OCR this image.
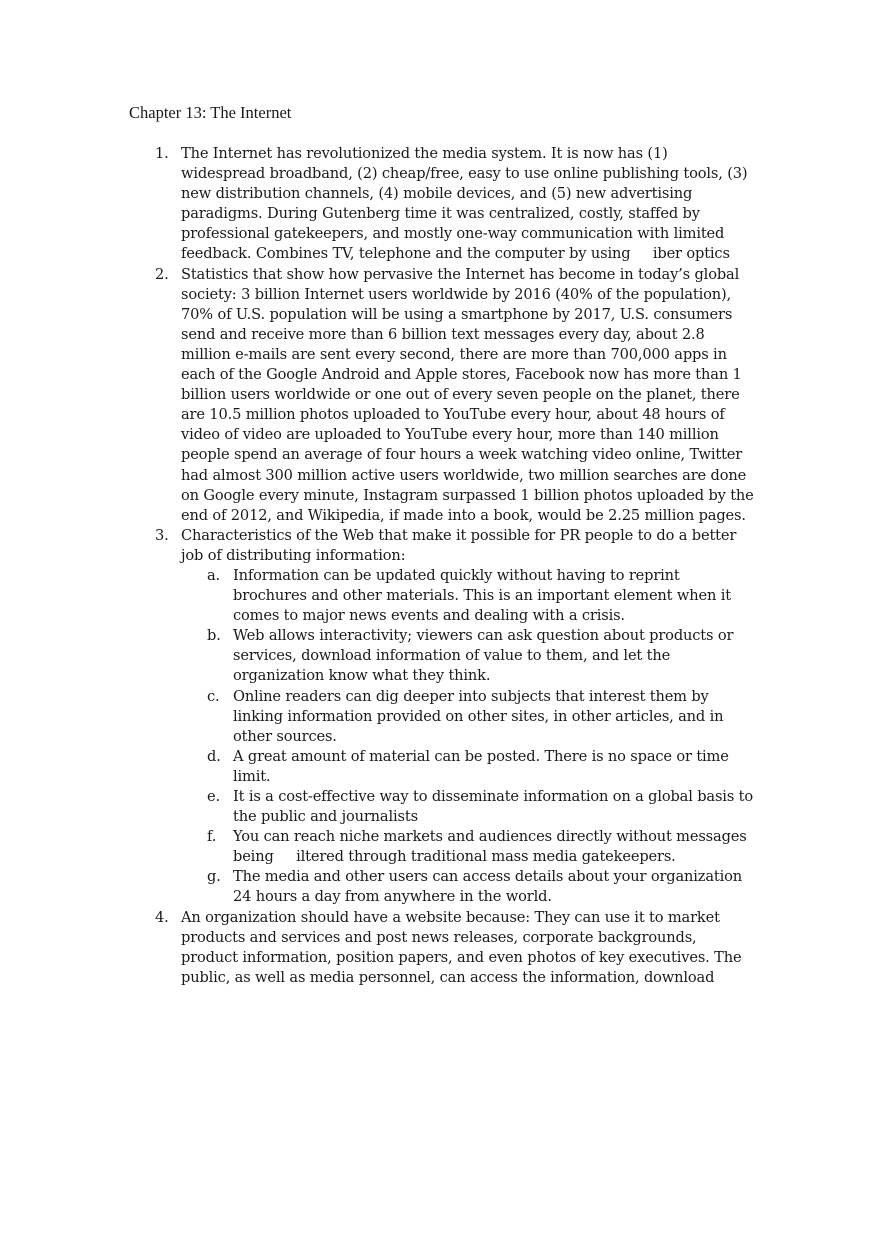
Chapter 13: The Internet
1. The Internet has revolutionized the media system. It is now has (1) widespread broadband, (2) cheap/free, easy to use online publishing tools, (3) new distribution channels, (4) mobile devices, and (5) new advertising paradigms. During Gutenberg time it was centralized, costly, staffed by professional gatekeepers, and mostly one-way communication with limited feedback. Combines TV, telephone and the computer by using     iber optics
2. Statistics that show how pervasive the Internet has become in today’s global society: 3 billion Internet users worldwide by 2016 (40% of the population), 70% of U.S. population will be using a smartphone by 2017, U.S. consumers send and receive more than 6 billion text messages every day, about 2.8 million e-mails are sent every second, there are more than 700,000 apps in each of the Google Android and Apple stores, Facebook now has more than 1 billion users worldwide or one out of every seven people on the planet, there are 10.5 million photos uploaded to YouTube every hour, about 48 hours of video of video are uploaded to YouTube every hour, more than 140 million people spend an average of four hours a week watching video online, Twitter had almost 300 million active users worldwide, two million searches are done on Google every minute, Instagram surpassed 1 billion photos uploaded by the end of 2012, and Wikipedia, if made into a book, would be 2.25 million pages.
3. Characteristics of the Web that make it possible for PR people to do a better job of distributing information:
a. Information can be updated quickly without having to reprint brochures and other materials. This is an important element when it comes to major news events and dealing with a crisis.
b. Web allows interactivity; viewers can ask question about products or services, download information of value to them, and let the organization know what they think.
c. Online readers can dig deeper into subjects that interest them by linking information provided on other sites, in other articles, and in other sources.
d. A great amount of material can be posted. There is no space or time limit.
e. It is a cost-effective way to disseminate information on a global basis to the public and journalists
f. You can reach niche markets and audiences directly without messages being     iltered through traditional mass media gatekeepers.
g. The media and other users can access details about your organization 24 hours a day from anywhere in the world.
4. An organization should have a website because: They can use it to market products and services and post news releases, corporate backgrounds, product information, position papers, and even photos of key executives. The public, as well as media personnel, can access the information, download
